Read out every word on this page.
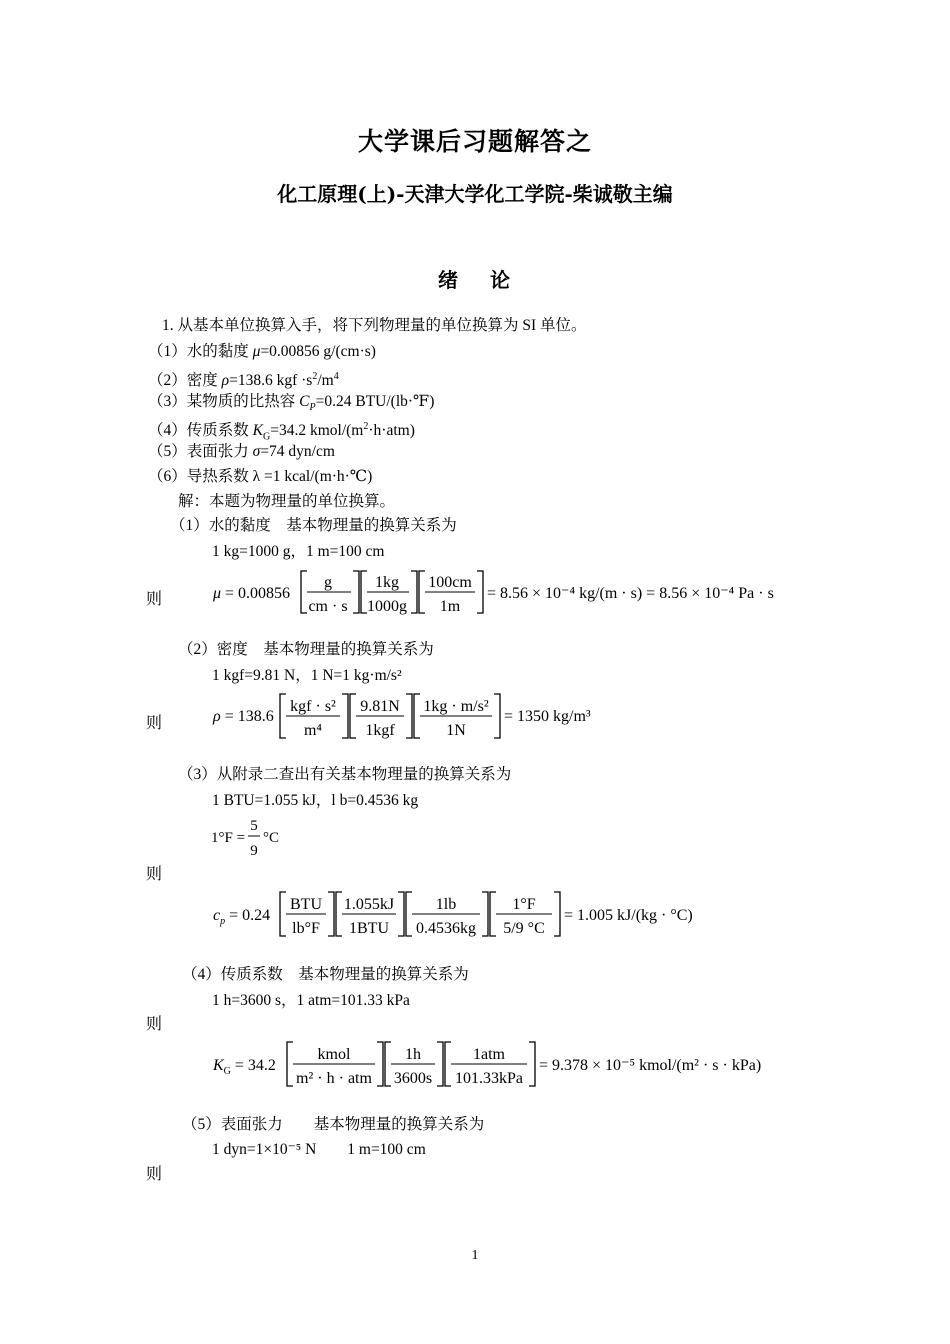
大学课后习题解答之
化工原理(上)-天津大学化工学院-柴诚敬主编
绪 论
1. 从基本单位换算入手，将下列物理量的单位换算为 SI 单位。
（1）水的黏度 μ=0.00856 g/(cm·s)
（2）密度 ρ=138.6 kgf $\cdot s^2/m^4$
（3）某物质的比热容 $C_P=0.24$ BTU/(lb·℉)
（4）传质系数 $K_G=34.2$ kmol/$(m^2\cdot h\cdot atm)$
（5）表面张力 σ=74 dyn/cm
（6）导热系数 λ =1 kcal/(m·h·℃)
解：本题为物理量的单位换算。
（1）水的黏度　基本物理量的换算关系为
1 kg=1000 g，1 m=100 cm
则	μ = 0.00856
g
cm · s
1kg
1000g
100cm
1m
= 8.56 × 10⁻⁴ kg/(m · s) = 8.56 × 10⁻⁴ Pa · s
（2）密度　基本物理量的换算关系为
1 kgf=9.81 N，1 N=1 kg·m/s²
则	ρ = 138.6
kgf · s²
m⁴
9.81N
1kgf
1kg · m/s²
1N
= 1350 kg/m³
（3）从附录二查出有关基本物理量的换算关系为
1 BTU=1.055 kJ，l b=0.4536 kg
1°F =
5
9
°C
则
$c_p = 0.24$
BTU
lb°F
1.055kJ
1BTU
1lb
0.4536kg
1°F
5/9 °C
= 1.005 kJ/(kg · °C)
（4）传质系数　基本物理量的换算关系为
1 h=3600 s，1 atm=101.33 kPa
则
$K_G = 34.2$
kmol
m² · h · atm
1h
3600s
1atm
101.33kPa
= 9.378 × 10⁻⁵ kmol/(m² · s · kPa)
（5）表面张力　　基本物理量的换算关系为
1 dyn=1×10⁻⁵ N　　1 m=100 cm
则
1
